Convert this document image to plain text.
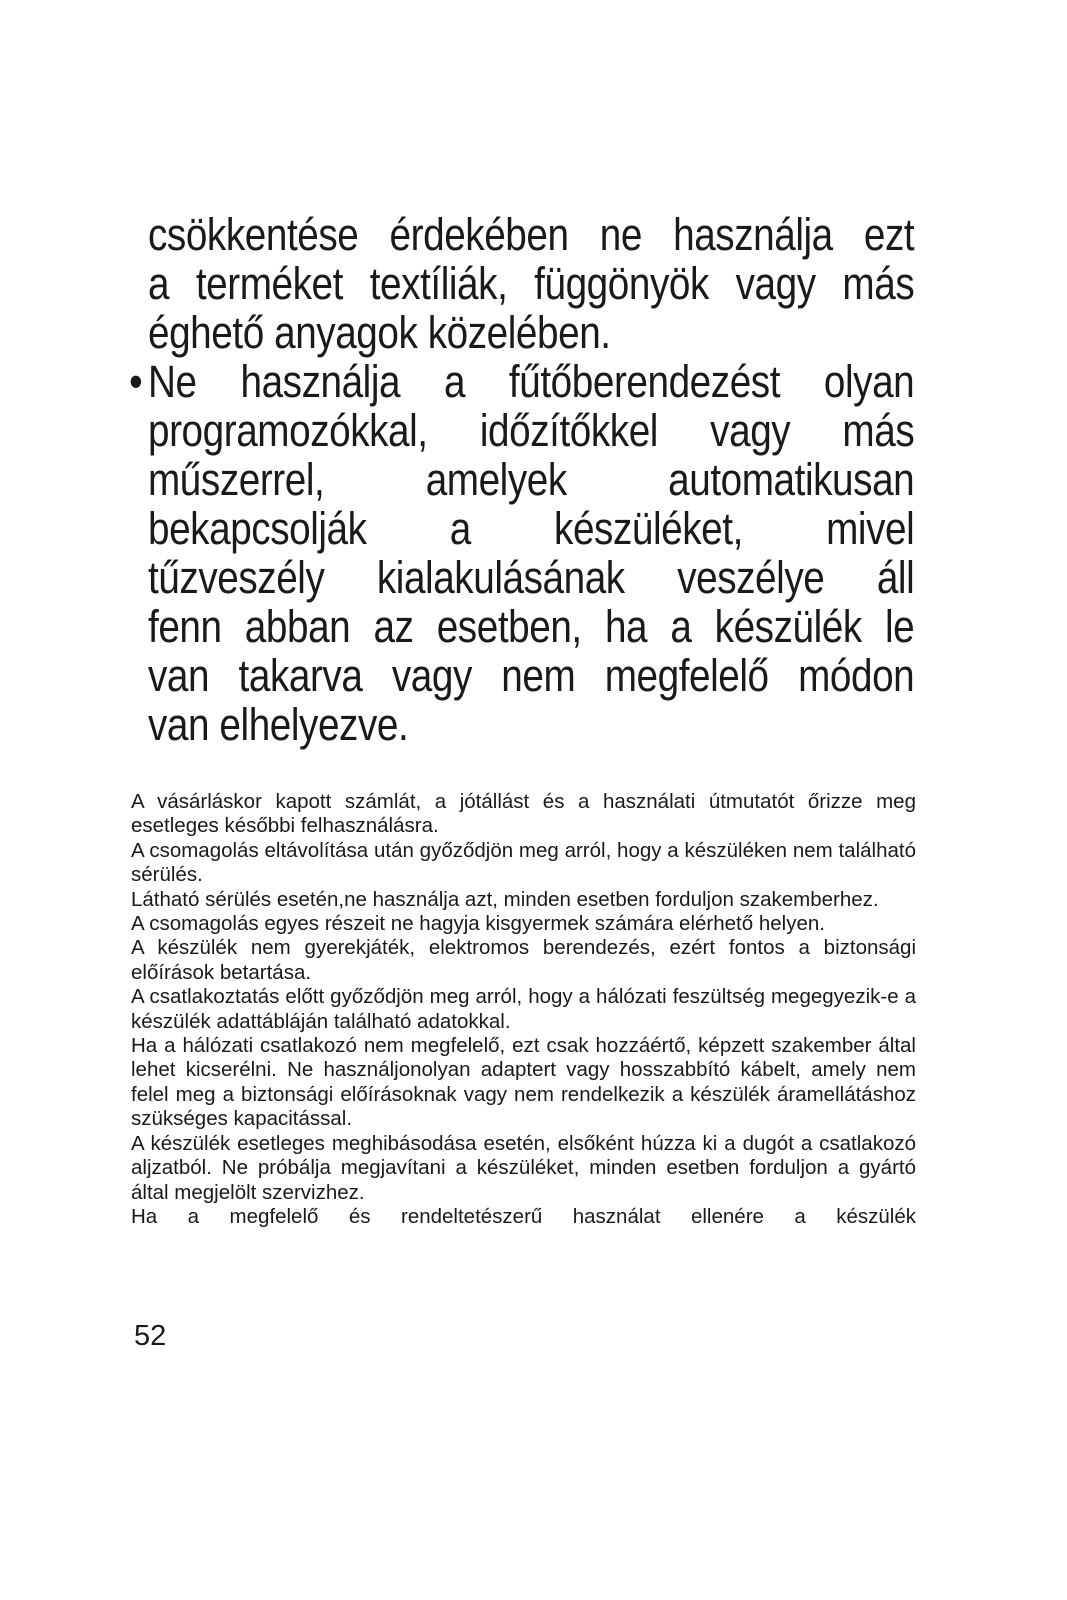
csökkentése érdekében ne használja ezt
a terméket textíliák, függönyök vagy más
éghető anyagok közelében.
• Ne használja a fűtőberendezést olyan
programozókkal, időzítőkkel vagy más
műszerrel, amelyek automatikusan
bekapcsolják a készüléket, mivel
tűzveszély kialakulásának veszélye áll
fenn abban az esetben, ha a készülék le
van takarva vagy nem megfelelő módon
van elhelyezve.

A vásárláskor kapott számlát, a jótállást és a használati útmutatót őrizze meg esetleges későbbi felhasználásra.

A csomagolás eltávolítása után győződjön meg arról, hogy a készüléken nem található sérülés.

Látható sérülés esetén,ne használja azt, minden esetben forduljon szakemberhez.

A csomagolás egyes részeit ne hagyja kisgyermek számára elérhető helyen.

A készülék nem gyerekjáték, elektromos berendezés, ezért fontos a biztonsági előírások betartása.

A csatlakoztatás előtt győződjön meg arról, hogy a hálózati feszültség megegyezik-e a készülék adattábláján található adatokkal.

Ha a hálózati csatlakozó nem megfelelő, ezt csak hozzáértő, képzett szakember által lehet kicserélni. Ne használjonolyan adaptert vagy hosszabbító kábelt, amely nem felel meg a biztonsági előírásoknak vagy nem rendelkezik a készülék áramellátáshoz szükséges kapacitással.

A készülék esetleges meghibásodása esetén, elsőként húzza ki a dugót a csatlakozó aljzatból. Ne próbálja megjavítani a készüléket, minden esetben forduljon a gyártó által megjelölt szervizhez.

Ha a megfelelő és rendeltetészerű használat ellenére a készülék

52
